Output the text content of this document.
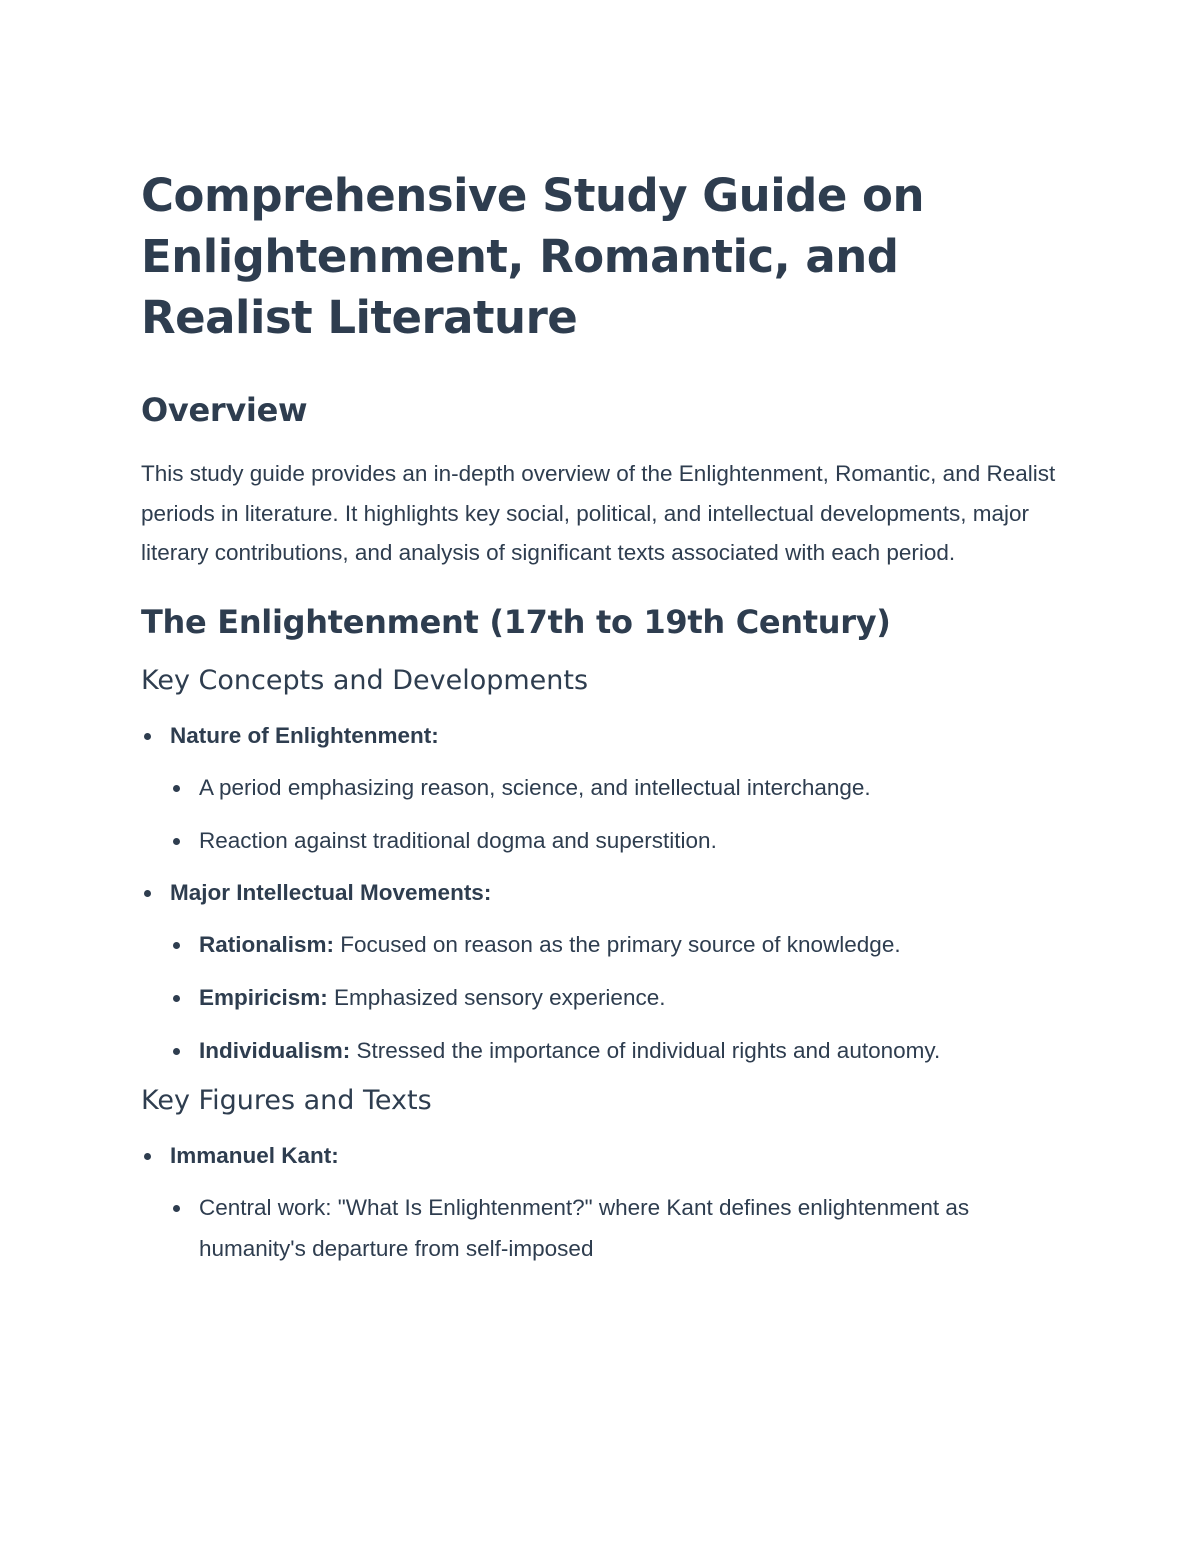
Comprehensive Study Guide on Enlightenment, Romantic, and Realist Literature
Overview

This study guide provides an in-depth overview of the Enlightenment, Romantic, and Realist periods in literature. It highlights key social, political, and intellectual developments, major literary contributions, and analysis of significant texts associated with each period.

The Enlightenment (17th to 19th Century)
Key Concepts and Developments
Nature of Enlightenment:
A period emphasizing reason, science, and intellectual interchange.
Reaction against traditional dogma and superstition.
Major Intellectual Movements:
Rationalism: Focused on reason as the primary source of knowledge.
Empiricism: Emphasized sensory experience.
Individualism: Stressed the importance of individual rights and autonomy.
Key Figures and Texts
Immanuel Kant:
Central work: "What Is Enlightenment?" where Kant defines enlightenment as humanity's departure from self-imposed
